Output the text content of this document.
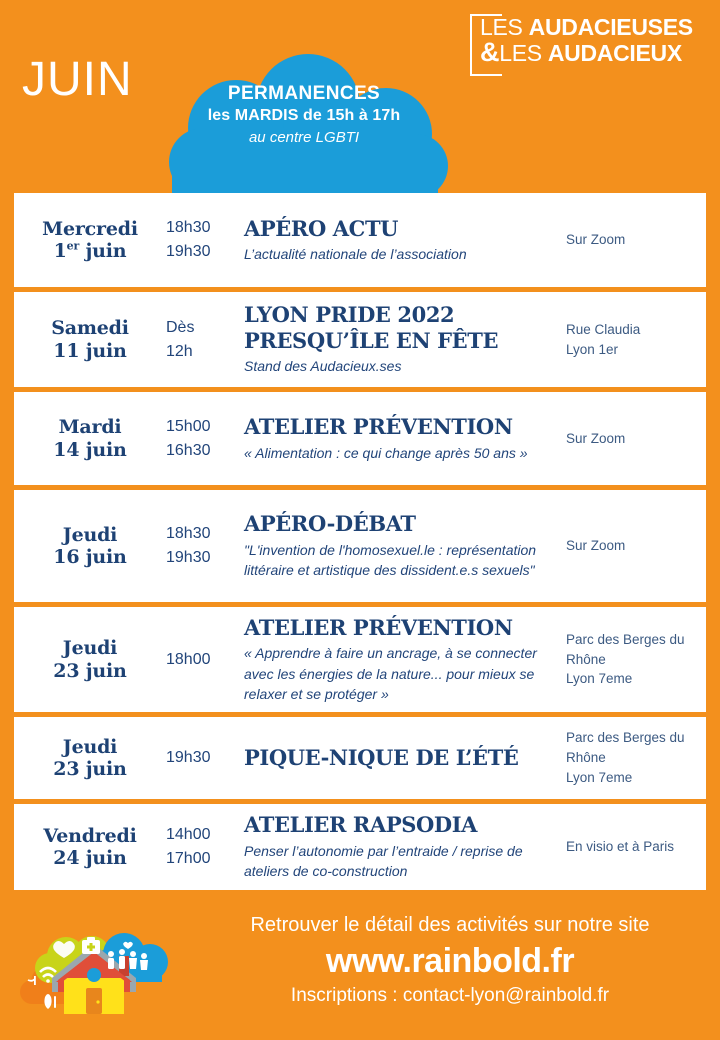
JUIN
LES AUDACIEUSES
&LES AUDACIEUX
PERMANENCES
les MARDIS de 15h à 17h
au centre LGBTI
Mercredi
1er juin
18h30
19h30
APÉRO ACTU
L’actualité nationale de l’association
Sur Zoom
Samedi
11 juin
Dès
12h
LYON PRIDE 2022
PRESQU’ÎLE EN FÊTE
Stand des Audacieux.ses
Rue Claudia
Lyon 1er
Mardi
14 juin
15h00
16h30
ATELIER PRÉVENTION
« Alimentation : ce qui change après 50 ans »
Sur Zoom
Jeudi
16 juin
18h30
19h30
APÉRO-DÉBAT
"L'invention de l'homosexuel.le : représentation littéraire et artistique des dissident.e.s sexuels"
Sur Zoom
Jeudi
23 juin
18h00
ATELIER PRÉVENTION
« Apprendre à faire un ancrage, à se connecter avec les énergies de la nature... pour mieux se relaxer et se protéger »
Parc des Berges du Rhône
Lyon 7eme
Jeudi
23 juin
19h30	PIQUE-NIQUE DE L’ÉTÉ
Parc des Berges du Rhône
Lyon 7eme
Vendredi
24 juin
14h00
17h00
ATELIER RAPSODIA
Penser l’autonomie par l’entraide / reprise de ateliers de co-construction
En visio et à Paris
Retrouver le détail des activités sur notre site
www.rainbold.fr
Inscriptions : contact-lyon@rainbold.fr
